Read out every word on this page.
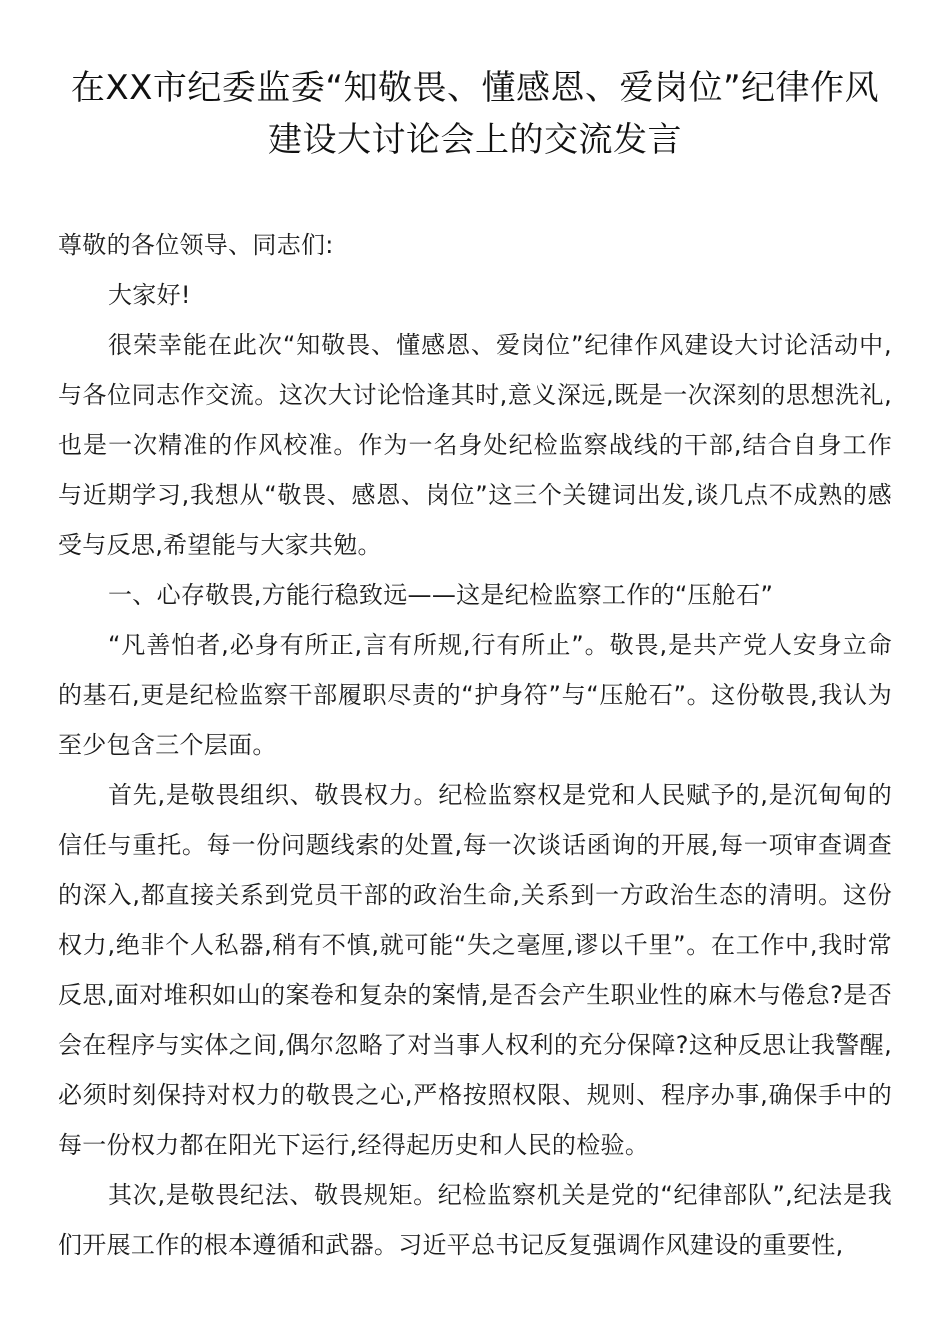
在XX市纪委监委“知敬畏、懂感恩、爱岗位”纪律作风建设大讨论会上的交流发言

尊敬的各位领导、同志们:

大家好!

很荣幸能在此次“知敬畏、懂感恩、爱岗位”纪律作风建设大讨论活动中,与各位同志作交流。这次大讨论恰逢其时,意义深远,既是一次深刻的思想洗礼,也是一次精准的作风校准。作为一名身处纪检监察战线的干部,结合自身工作与近期学习,我想从“敬畏、感恩、岗位”这三个关键词出发,谈几点不成熟的感受与反思,希望能与大家共勉。

一、心存敬畏,方能行稳致远——这是纪检监察工作的“压舱石”

“凡善怕者,必身有所正,言有所规,行有所止”。敬畏,是共产党人安身立命的基石,更是纪检监察干部履职尽责的“护身符”与“压舱石”。这份敬畏,我认为至少包含三个层面。

首先,是敬畏组织、敬畏权力。纪检监察权是党和人民赋予的,是沉甸甸的信任与重托。每一份问题线索的处置,每一次谈话函询的开展,每一项审查调查的深入,都直接关系到党员干部的政治生命,关系到一方政治生态的清明。这份权力,绝非个人私器,稍有不慎,就可能“失之毫厘,谬以千里”。在工作中,我时常反思,面对堆积如山的案卷和复杂的案情,是否会产生职业性的麻木与倦怠?是否会在程序与实体之间,偶尔忽略了对当事人权利的充分保障?这种反思让我警醒,必须时刻保持对权力的敬畏之心,严格按照权限、规则、程序办事,确保手中的每一份权力都在阳光下运行,经得起历史和人民的检验。

其次,是敬畏纪法、敬畏规矩。纪检监察机关是党的“纪律部队”,纪法是我们开展工作的根本遵循和武器。习近平总书记反复强调作风建设的重要性,
